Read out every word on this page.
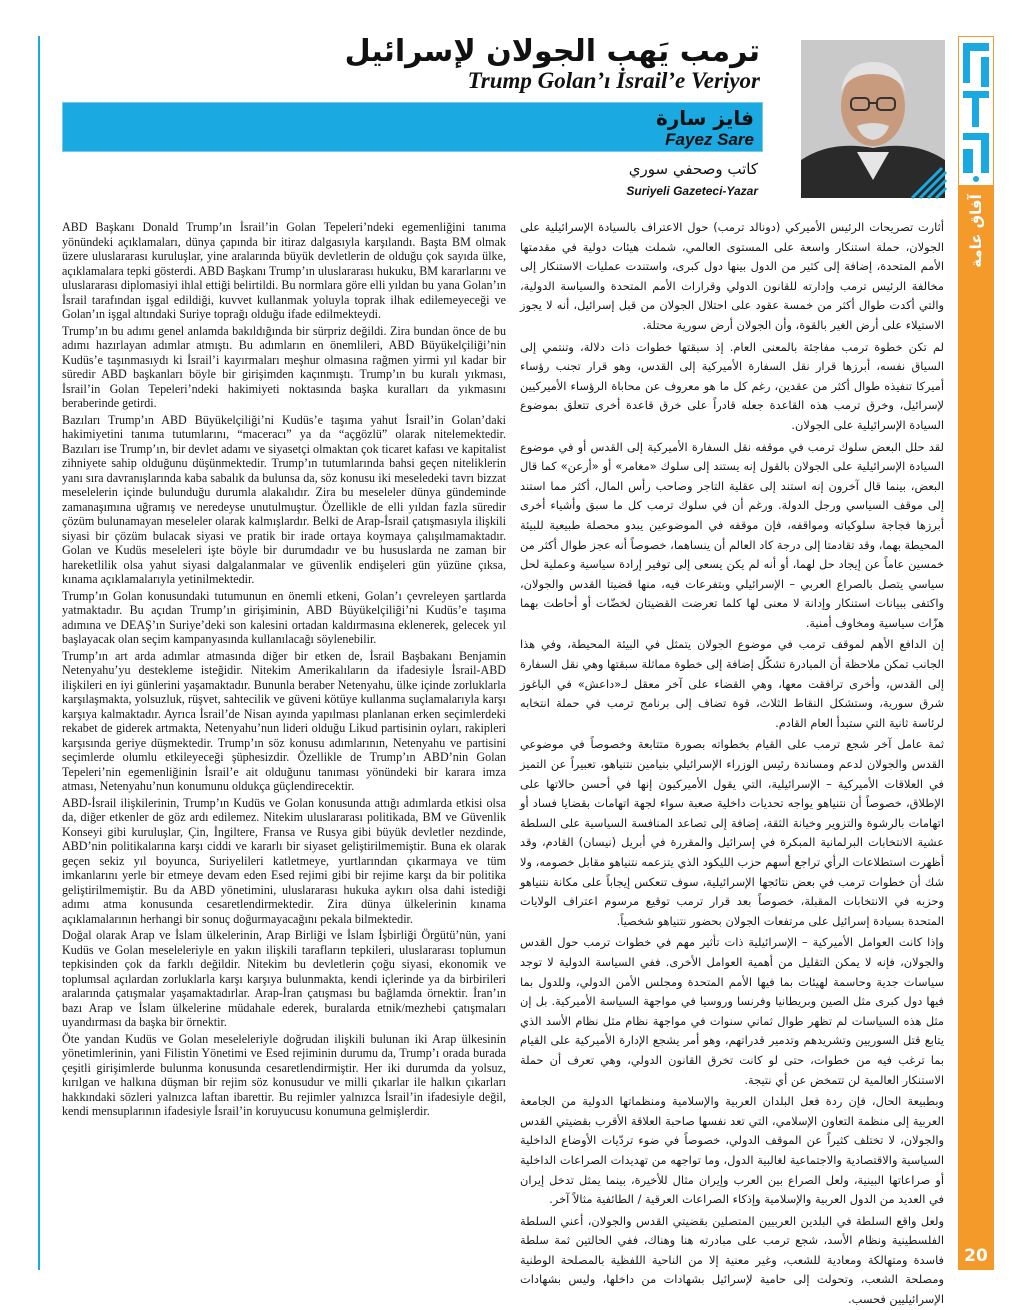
آفاق عامة
20
ترمب يَهب الجولان لإسرائيل
Trump Golan’ı İsrail’e Veriyor

فايز سارة

Fayez Sare

كاتب وصحفي سوري

Suriyeli Gazeteci-Yazar

ABD Başkanı Donald Trump’ın İsrail’in Golan Tepeleri’ndeki egemenliğini tanıma yönündeki açıklamaları, dünya çapında bir itiraz dalgasıyla karşılandı. Başta BM olmak üzere uluslararası kuruluşlar, yine aralarında büyük devletlerin de olduğu çok sayıda ülke, açıklamalara tepki gösterdi. ABD Başkanı Trump’ın uluslararası hukuku, BM kararlarını ve uluslararası diplomasiyi ihlal ettiği belirtildi. Bu normlara göre elli yıldan bu yana Golan’ın İsrail tarafından işgal edildiği, kuvvet kullanmak yoluyla toprak ilhak edilemeyeceği ve Golan’ın işgal altındaki Suriye toprağı olduğu ifade edilmekteydi.

Trump’ın bu adımı genel anlamda bakıldığında bir sürpriz değildi. Zira bundan önce de bu adımı hazırlayan adımlar atmıştı. Bu adımların en önemlileri, ABD Büyükelçiliği’nin Kudüs’e taşınmasıydı ki İsrail’i kayırmaları meşhur olmasına rağmen yirmi yıl kadar bir süredir ABD başkanları böyle bir girişimden kaçınmıştı. Trump’ın bu kuralı yıkması, İsrail’in Golan Tepeleri’ndeki hakimiyeti noktasında başka kuralları da yıkmasını beraberinde getirdi.

Bazıları Trump’ın ABD Büyükelçiliği’ni Kudüs’e taşıma yahut İsrail’in Golan’daki hakimiyetini tanıma tutumlarını, “maceracı” ya da “açgözlü” olarak nitelemektedir. Bazıları ise Trump’ın, bir devlet adamı ve siyasetçi olmaktan çok ticaret kafası ve kapitalist zihniyete sahip olduğunu düşünmektedir. Trump’ın tutumlarında bahsi geçen niteliklerin yanı sıra davranışlarında kaba sabalık da bulunsa da, söz konusu iki meseledeki tavrı bizzat meselelerin içinde bulunduğu durumla alakalıdır. Zira bu meseleler dünya gündeminde zamanaşımına uğramış ve neredeyse unutulmuştur. Özellikle de elli yıldan fazla süredir çözüm bulunamayan meseleler olarak kalmışlardır. Belki de Arap-İsrail çatışmasıyla ilişkili siyasi bir çözüm bulacak siyasi ve pratik bir irade ortaya koymaya çalışılmamaktadır. Golan ve Kudüs meseleleri işte böyle bir durumdadır ve bu hususlarda ne zaman bir hareketlilik olsa yahut siyasi dalgalanmalar ve güvenlik endişeleri gün yüzüne çıksa, kınama açıklamalarıyla yetinilmektedir.

Trump’ın Golan konusundaki tutumunun en önemli etkeni, Golan’ı çevreleyen şartlarda yatmaktadır. Bu açıdan Trump’ın girişiminin, ABD Büyükelçiliği’ni Kudüs’e taşıma adımına ve DEAŞ’ın Suriye’deki son kalesini ortadan kaldırmasına eklenerek, gelecek yıl başlayacak olan seçim kampanyasında kullanılacağı söylenebilir.

Trump’ın art arda adımlar atmasında diğer bir etken de, İsrail Başbakanı Benjamin Netenyahu’yu destekleme isteğidir. Nitekim Amerikalıların da ifadesiyle İsrail-ABD ilişkileri en iyi günlerini yaşamaktadır. Bununla beraber Netenyahu, ülke içinde zorluklarla karşılaşmakta, yolsuzluk, rüşvet, sahtecilik ve güveni kötüye kullanma suçlamalarıyla karşı karşıya kalmaktadır. Ayrıca İsrail’de Nisan ayında yapılması planlanan erken seçimlerdeki rekabet de giderek artmakta, Netenyahu’nun lideri olduğu Likud partisinin oyları, rakipleri karşısında geriye düşmektedir. Trump’ın söz konusu adımlarının, Netenyahu ve partisini seçimlerde olumlu etkileyeceği şüphesizdir. Özellikle de Trump’ın ABD’nin Golan Tepeleri’nin egemenliğinin İsrail’e ait olduğunu tanıması yönündeki bir karara imza atması, Netenyahu’nun konumunu oldukça güçlendirecektir.

ABD-İsrail ilişkilerinin, Trump’ın Kudüs ve Golan konusunda attığı adımlarda etkisi olsa da, diğer etkenler de göz ardı edilemez. Nitekim uluslararası politikada, BM ve Güvenlik Konseyi gibi kuruluşlar, Çin, İngiltere, Fransa ve Rusya gibi büyük devletler nezdinde, ABD’nin politikalarına karşı ciddi ve kararlı bir siyaset geliştirilmemiştir. Buna ek olarak geçen sekiz yıl boyunca, Suriyelileri katletmeye, yurtlarından çıkarmaya ve tüm imkanlarını yerle bir etmeye devam eden Esed rejimi gibi bir rejime karşı da bir politika geliştirilmemiştir. Bu da ABD yönetimini, uluslararası hukuka aykırı olsa dahi istediği adımı atma konusunda cesaretlendirmektedir. Zira dünya ülkelerinin kınama açıklamalarının herhangi bir sonuç doğurmayacağını pekala bilmektedir.

Doğal olarak Arap ve İslam ülkelerinin, Arap Birliği ve İslam İşbirliği Örgütü’nün, yani Kudüs ve Golan meseleleriyle en yakın ilişkili tarafların tepkileri, uluslararası toplumun tepkisinden çok da farklı değildir. Nitekim bu devletlerin çoğu siyasi, ekonomik ve toplumsal açılardan zorluklarla karşı karşıya bulunmakta, kendi içlerinde ya da birbirileri aralarında çatışmalar yaşamaktadırlar. Arap-İran çatışması bu bağlamda örnektir. İran’ın bazı Arap ve İslam ülkelerine müdahale ederek, buralarda etnik/mezhebi çatışmaları uyandırması da başka bir örnektir.

Öte yandan Kudüs ve Golan meseleleriyle doğrudan ilişkili bulunan iki Arap ülkesinin yönetimlerinin, yani Filistin Yönetimi ve Esed rejiminin durumu da, Trump’ı orada burada çeşitli girişimlerde bulunma konusunda cesaretlendirmiştir. Her iki durumda da yolsuz, kırılgan ve halkına düşman bir rejim söz konusudur ve milli çıkarlar ile halkın çıkarları hakkındaki sözleri yalnızca laftan ibarettir. Bu rejimler yalnızca İsrail’in ifadesiyle değil, kendi mensuplarının ifadesiyle İsrail’in koruyucusu konumuna gelmişlerdir.

أثارت تصريحات الرئيس الأميركي (دونالد ترمب) حول الاعتراف بالسيادة الإسرائيلية على الجولان، حملة استنكار واسعة على المستوى العالمي، شملت هيئات دولية في مقدمتها الأمم المتحدة، إضافة إلى كثير من الدول بينها دول كبرى، واستندت عمليات الاستنكار إلى مخالفة الرئيس ترمب وإدارته للقانون الدولي وقرارات الأمم المتحدة والسياسة الدولية، والتي أكدت طوال أكثر من خمسة عقود على احتلال الجولان من قبل إسرائيل، أنه لا يجوز الاستيلاء على أرض الغير بالقوة، وأن الجولان أرض سورية محتلة.

لم تكن خطوة ترمب مفاجئة بالمعنى العام. إذ سبقتها خطوات ذات دلالة، وتنتمي إلى السياق نفسه، أبرزها قرار نقل السفارة الأميركية إلى القدس، وهو قرار تجنب رؤساء أميركا تنفيذه طوال أكثر من عقدين، رغم كل ما هو معروف عن محاباة الرؤساء الأميركيين لإسرائيل، وخرق ترمب هذه القاعدة جعله قادراً على خرق قاعدة أخرى تتعلق بموضوع السيادة الإسرائيلية على الجولان.

لقد حلل البعض سلوك ترمب في موقفه نقل السفارة الأميركية إلى القدس أو في موضوع السيادة الإسرائيلية على الجولان بالقول إنه يستند إلى سلوك «مغامر» أو «أرعن» كما قال البعض، بينما قال آخرون إنه استند إلى عقلية التاجر وصاحب رأس المال، أكثر مما استند إلى موقف السياسي ورجل الدولة. ورغم أن في سلوك ترمب كل ما سبق وأشياء أخرى أبرزها فجاجة سلوكياته ومواقفه، فإن موقفه في الموضوعين يبدو محصلة طبيعية للبيئة المحيطة بهما، وقد تقادمتا إلى درجة كاد العالم أن ينساهما، خصوصاً أنه عجز طوال أكثر من خمسين عاماً عن إيجاد حل لهما، أو أنه لم يكن يسعى إلى توفير إرادة سياسية وعملية لحل سياسي يتصل بالصراع العربي – الإسرائيلي وبتفرعات فيه، منها قضيتا القدس والجولان، واكتفى ببيانات استنكار وإدانة لا معنى لها كلما تعرضت القضيتان لخضّات أو أحاطت بهما هزّات سياسية ومخاوف أمنية.

إن الدافع الأهم لموقف ترمب في موضوع الجولان يتمثل في البيئة المحيطة، وفي هذا الجانب تمكن ملاحظة أن المبادرة تشكّل إضافة إلى خطوة مماثلة سبقتها وهي نقل السفارة إلى القدس، وأخرى ترافقت معها، وهي القضاء على آخر معقل لـ«داعش» في الباغوز شرق سورية، وستشكل النقاط الثلاث، قوة تضاف إلى برنامج ترمب في حملة انتخابه لرئاسة ثانية التي ستبدأ العام القادم.

ثمة عامل آخر شجع ترمب على القيام بخطواته بصورة متتابعة وخصوصاً في موضوعي القدس والجولان لدعم ومساندة رئيس الوزراء الإسرائيلي بنيامين نتنياهو، تعبيراً عن التميز في العلاقات الأميركية – الإسرائيلية، التي يقول الأميركيون إنها في أحسن حالاتها على الإطلاق، خصوصاً أن نتنياهو يواجه تحديات داخلية صعبة سواء لجهة اتهامات بقضايا فساد أو اتهامات بالرشوة والتزوير وخيانة الثقة، إضافة إلى تصاعد المنافسة السياسية على السلطة عشية الانتخابات البرلمانية المبكرة في إسرائيل والمقررة في أبريل (نيسان) القادم، وقد أظهرت استطلاعات الرأي تراجع أسهم حزب الليكود الذي يتزعمه نتنياهو مقابل خصومه، ولا شك أن خطوات ترمب في بعض نتائجها الإسرائيلية، سوف تنعكس إيجاباً على مكانة نتنياهو وحزبه في الانتخابات المقبلة، خصوصاً بعد قرار ترمب توقيع مرسوم اعتراف الولايات المتحدة بسيادة إسرائيل على مرتفعات الجولان بحضور نتنياهو شخصياً.

وإذا كانت العوامل الأميركية – الإسرائيلية ذات تأثير مهم في خطوات ترمب حول القدس والجولان، فإنه لا يمكن التقليل من أهمية العوامل الأخرى. ففي السياسة الدولية لا توجد سياسات جدية وحاسمة لهيئات بما فيها الأمم المتحدة ومجلس الأمن الدولي، وللدول بما فيها دول كبرى مثل الصين وبريطانيا وفرنسا وروسيا في مواجهة السياسة الأميركية. بل إن مثل هذه السياسات لم تظهر طوال ثماني سنوات في مواجهة نظام مثل نظام الأسد الذي يتابع قتل السوريين وتشريدهم وتدمير قدراتهم، وهو أمر يشجع الإدارة الأميركية على القيام بما ترغب فيه من خطوات، حتى لو كانت تخرق القانون الدولي، وهي تعرف أن حملة الاستنكار العالمية لن تتمخض عن أي نتيجة.

وبطبيعة الحال، فإن ردة فعل البلدان العربية والإسلامية ومنظماتها الدولية من الجامعة العربية إلى منظمة التعاون الإسلامي، التي تعد نفسها صاحبة العلاقة الأقرب بقضيتي القدس والجولان، لا تختلف كثيراً عن الموقف الدولي، خصوصاً في ضوء تردّيات الأوضاع الداخلية السياسية والاقتصادية والاجتماعية لغالبية الدول، وما تواجهه من تهديدات الصراعات الداخلية أو صراعاتها البينية، ولعل الصراع بين العرب وإيران مثال للأخيرة، بينما يمثل تدخل إيران في العديد من الدول العربية والإسلامية وإذكاء الصراعات العرقية / الطائفية مثالاً آخر.

ولعل واقع السلطة في البلدين العربيين المتصلين بقضيتي القدس والجولان، أعني السلطة الفلسطينية ونظام الأسد، شجع ترمب على مبادرته هنا وهناك، ففي الحالتين ثمة سلطة فاسدة ومتهالكة ومعادية للشعب، وغير معنية إلا من الناحية اللفظية بالمصلحة الوطنية ومصلحة الشعب، وتحولت إلى حامية لإسرائيل بشهادات من داخلها، وليس بشهادات الإسرائيليين فحسب.
